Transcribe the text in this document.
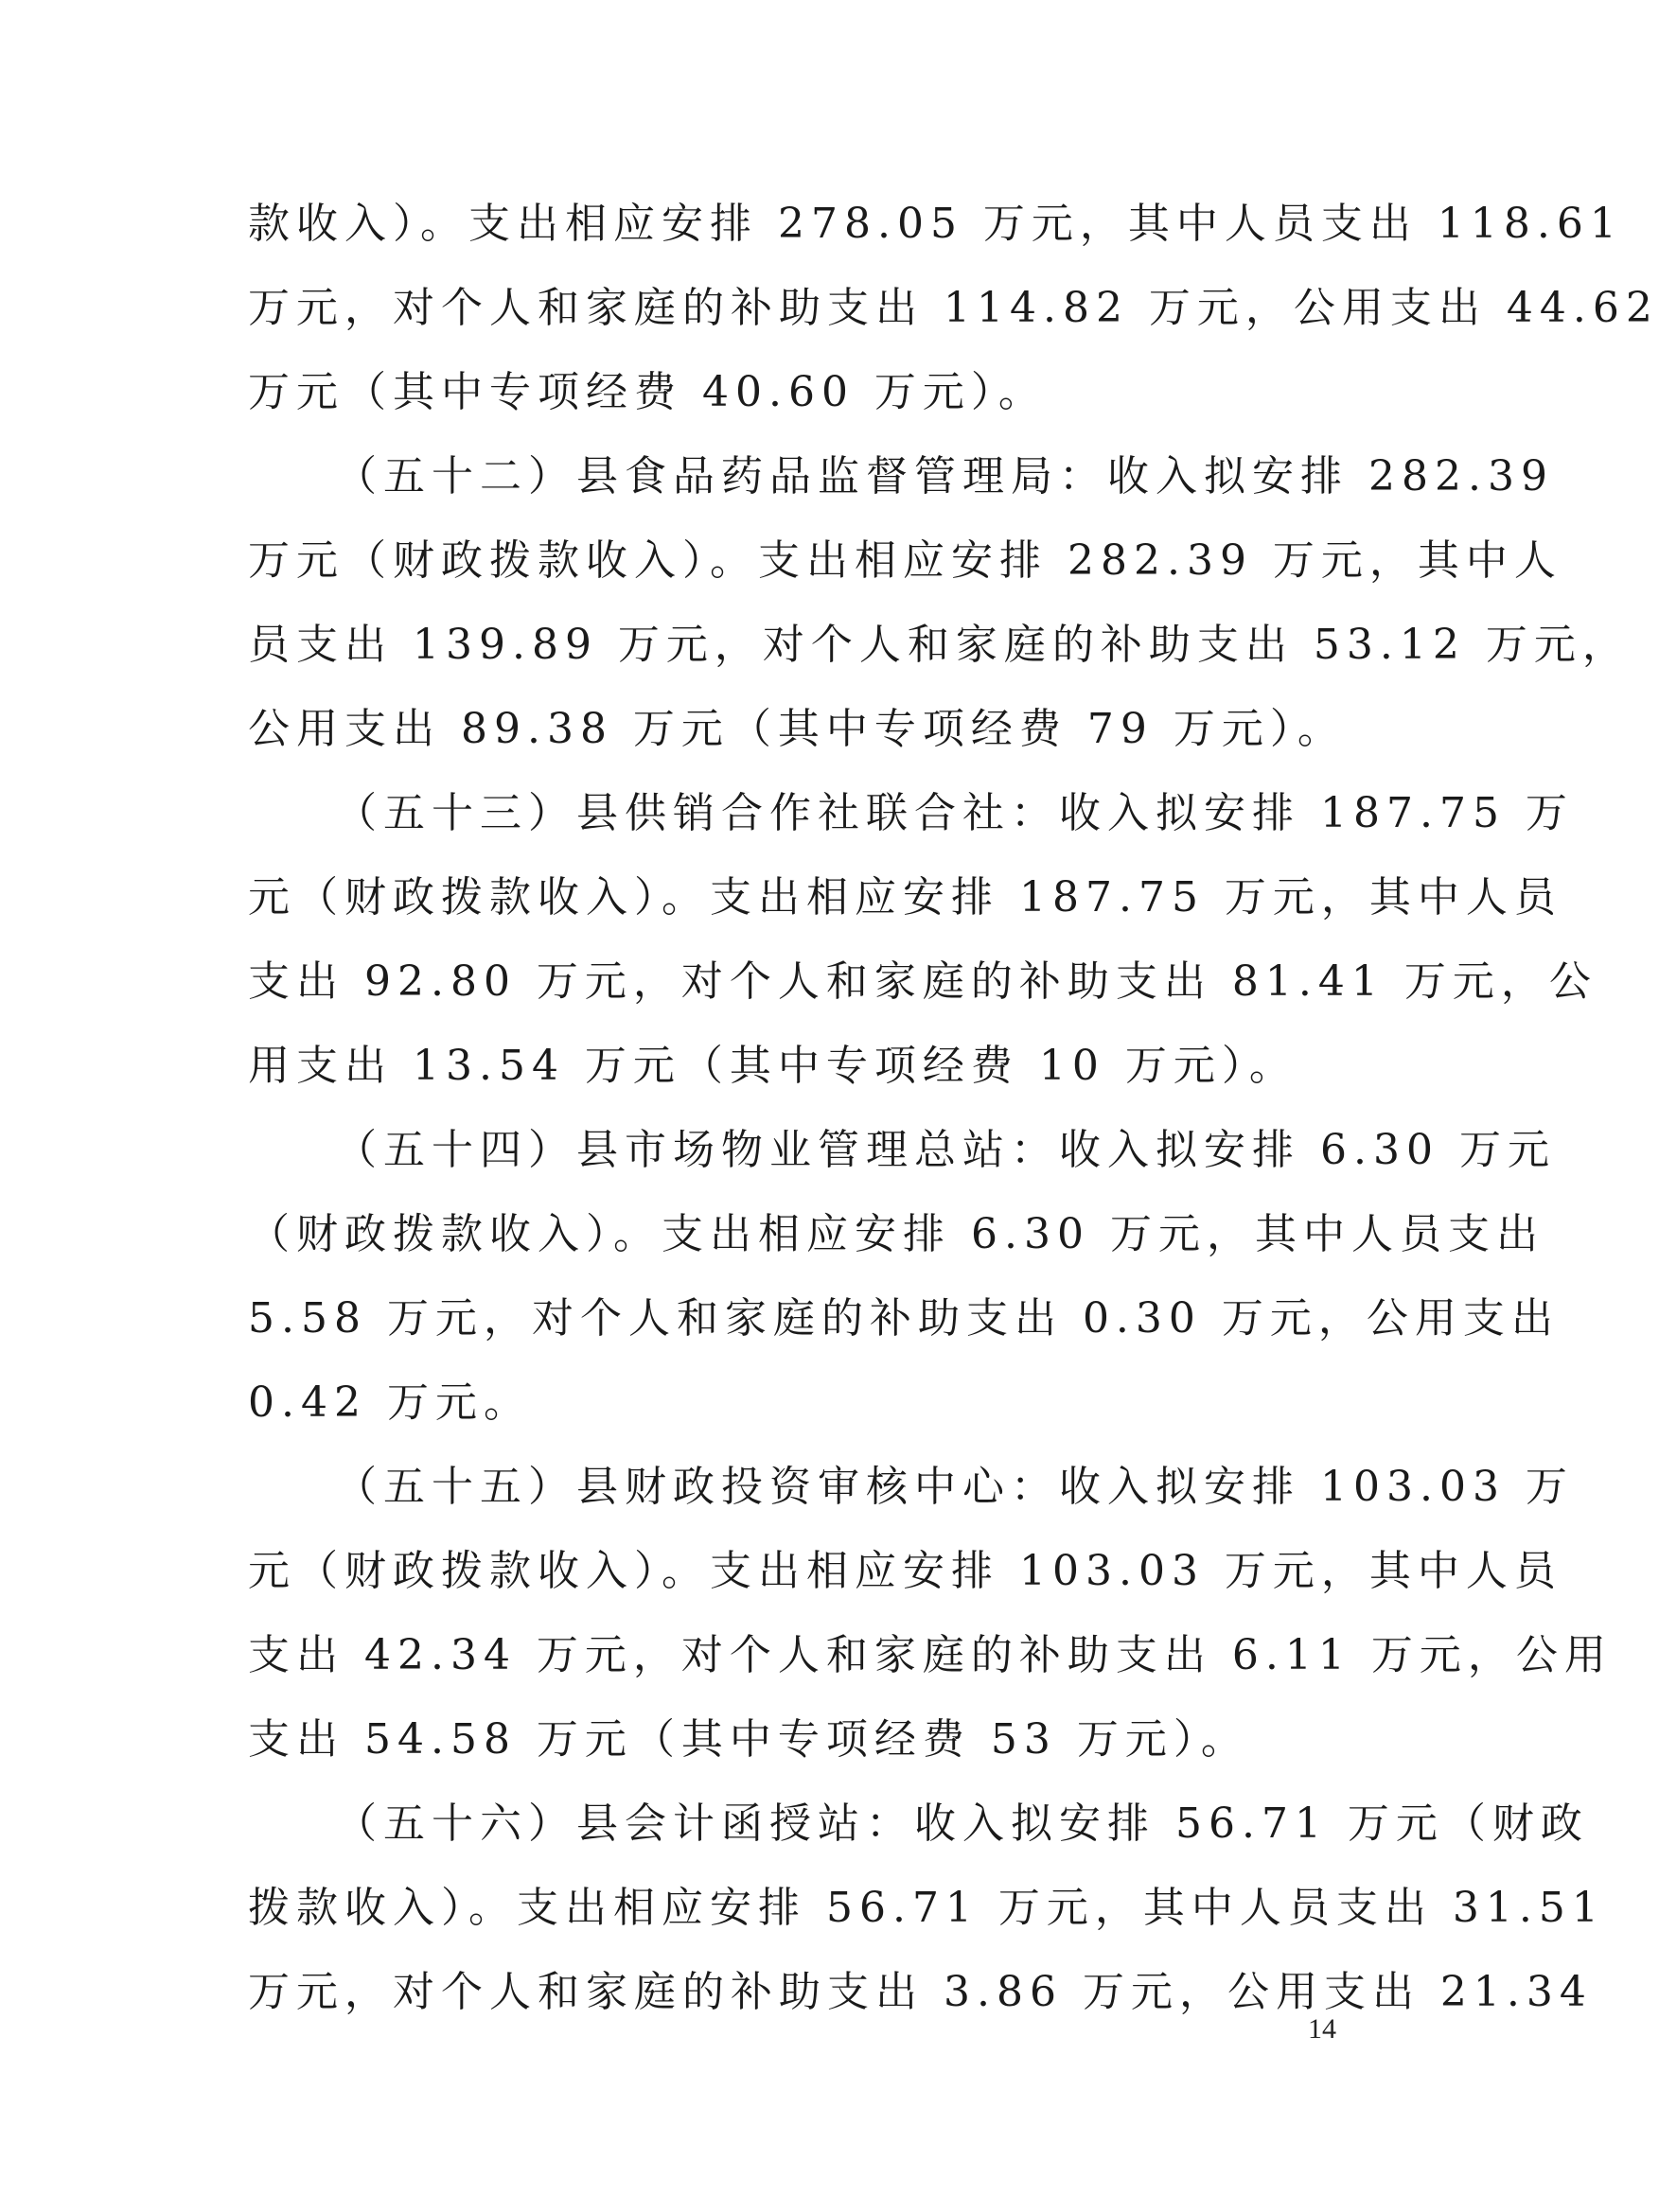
款收入）。支出相应安排 278.05 万元，其中人员支出 118.61
万元，对个人和家庭的补助支出 114.82 万元，公用支出 44.62
万元（其中专项经费 40.60 万元）。
（五十二）县食品药品监督管理局：收入拟安排 282.39
万元（财政拨款收入）。支出相应安排 282.39 万元，其中人
员支出 139.89 万元，对个人和家庭的补助支出 53.12 万元，
公用支出 89.38 万元（其中专项经费 79 万元）。
（五十三）县供销合作社联合社：收入拟安排 187.75 万
元（财政拨款收入）。支出相应安排 187.75 万元，其中人员
支出 92.80 万元，对个人和家庭的补助支出 81.41 万元，公
用支出 13.54 万元（其中专项经费 10 万元）。
（五十四）县市场物业管理总站：收入拟安排 6.30 万元
（财政拨款收入）。支出相应安排 6.30 万元，其中人员支出
5.58 万元，对个人和家庭的补助支出 0.30 万元，公用支出
0.42 万元。
（五十五）县财政投资审核中心：收入拟安排 103.03 万
元（财政拨款收入）。支出相应安排 103.03 万元，其中人员
支出 42.34 万元，对个人和家庭的补助支出 6.11 万元，公用
支出 54.58 万元（其中专项经费 53 万元）。
（五十六）县会计函授站：收入拟安排 56.71 万元（财政
拨款收入）。支出相应安排 56.71 万元，其中人员支出 31.51
万元，对个人和家庭的补助支出 3.86 万元，公用支出 21.34
14
